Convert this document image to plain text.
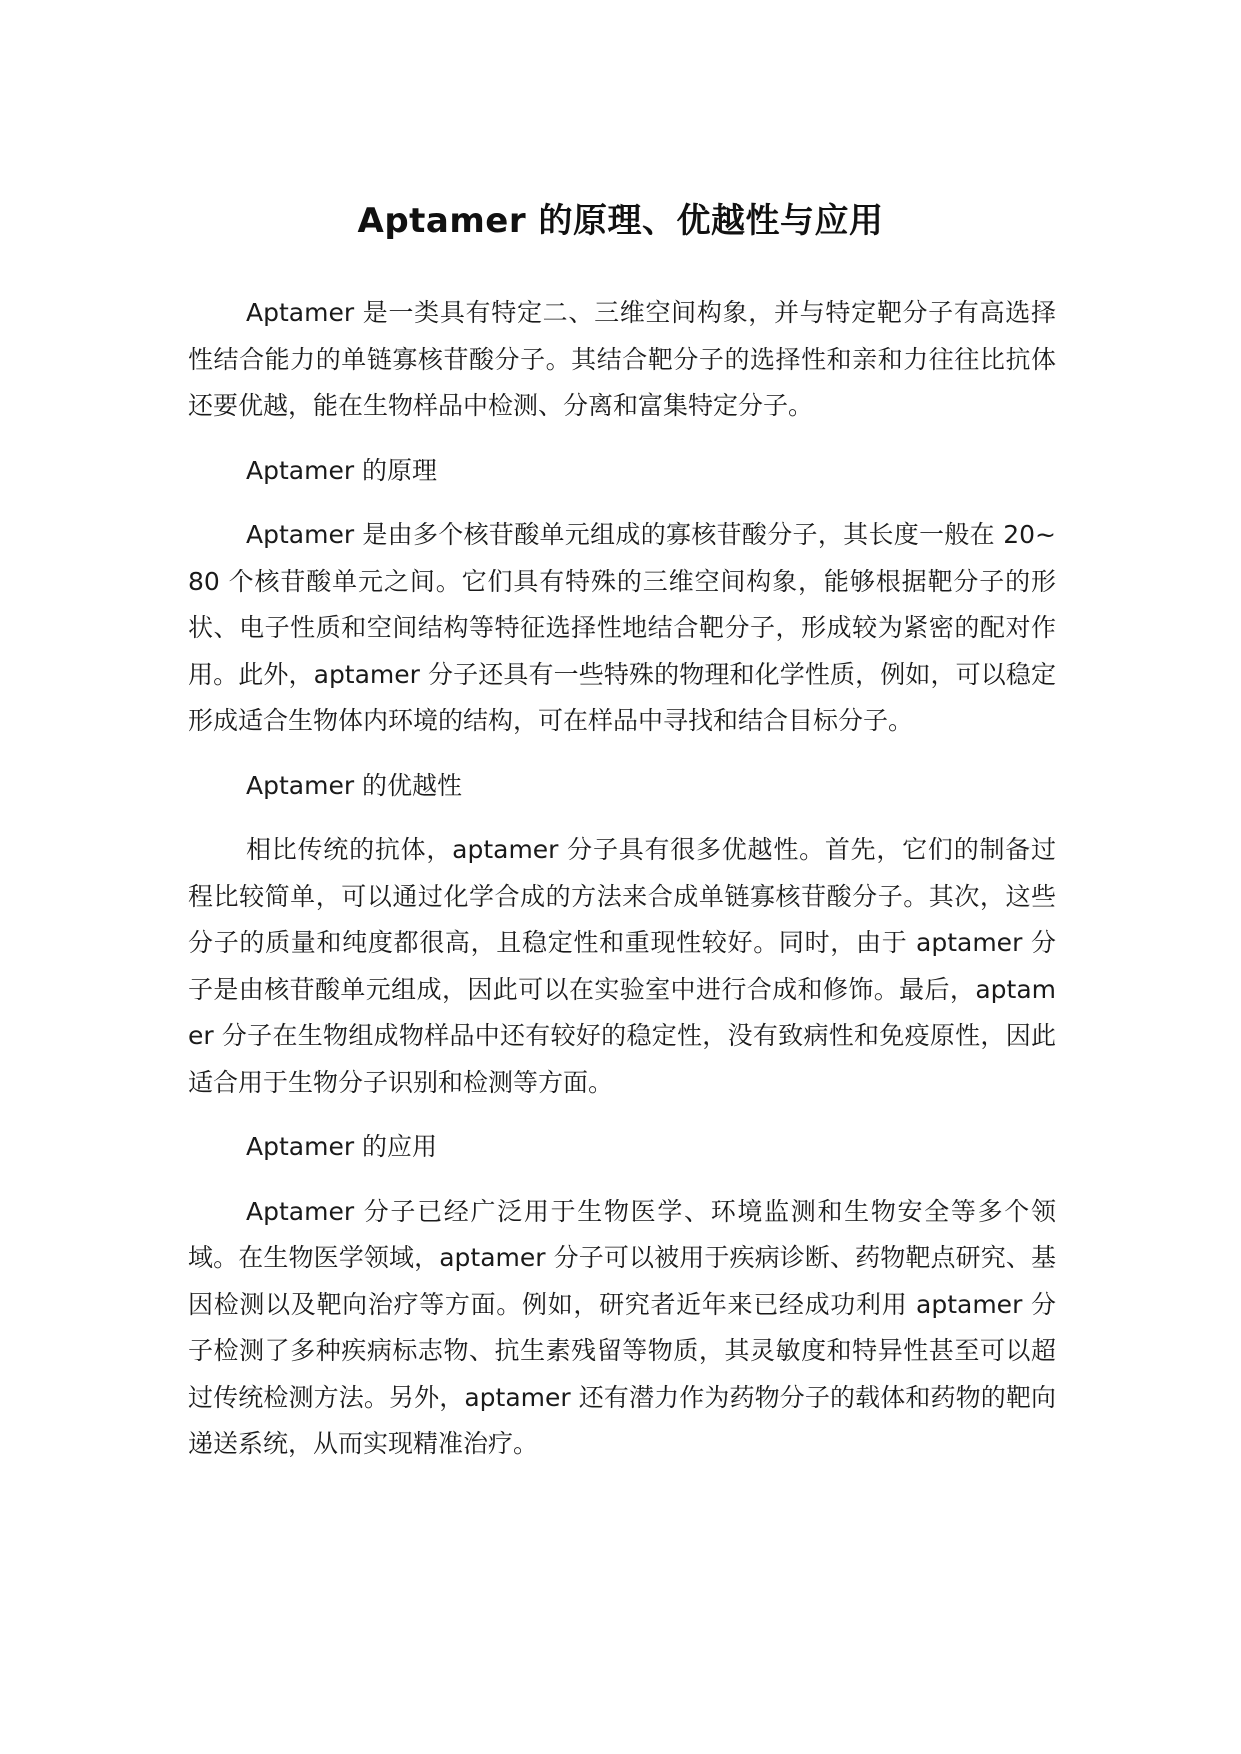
Aptamer 的原理、优越性与应用

Aptamer 是一类具有特定二、三维空间构象，并与特定靶分子有高选择性结合能力的单链寡核苷酸分子。其结合靶分子的选择性和亲和力往往比抗体还要优越，能在生物样品中检测、分离和富集特定分子。

Aptamer 的原理

Aptamer 是由多个核苷酸单元组成的寡核苷酸分子，其长度一般在 20~80 个核苷酸单元之间。它们具有特殊的三维空间构象，能够根据靶分子的形状、电子性质和空间结构等特征选择性地结合靶分子，形成较为紧密的配对作用。此外，aptamer 分子还具有一些特殊的物理和化学性质，例如，可以稳定形成适合生物体内环境的结构，可在样品中寻找和结合目标分子。

Aptamer 的优越性

相比传统的抗体，aptamer 分子具有很多优越性。首先，它们的制备过程比较简单，可以通过化学合成的方法来合成单链寡核苷酸分子。其次，这些分子的质量和纯度都很高，且稳定性和重现性较好。同时，由于 aptamer 分子是由核苷酸单元组成，因此可以在实验室中进行合成和修饰。最后，aptamer 分子在生物组成物样品中还有较好的稳定性，没有致病性和免疫原性，因此适合用于生物分子识别和检测等方面。

Aptamer 的应用

Aptamer 分子已经广泛用于生物医学、环境监测和生物安全等多个领域。在生物医学领域，aptamer 分子可以被用于疾病诊断、药物靶点研究、基因检测以及靶向治疗等方面。例如，研究者近年来已经成功利用 aptamer 分子检测了多种疾病标志物、抗生素残留等物质，其灵敏度和特异性甚至可以超过传统检测方法。另外，aptamer 还有潜力作为药物分子的载体和药物的靶向递送系统，从而实现精准治疗。
